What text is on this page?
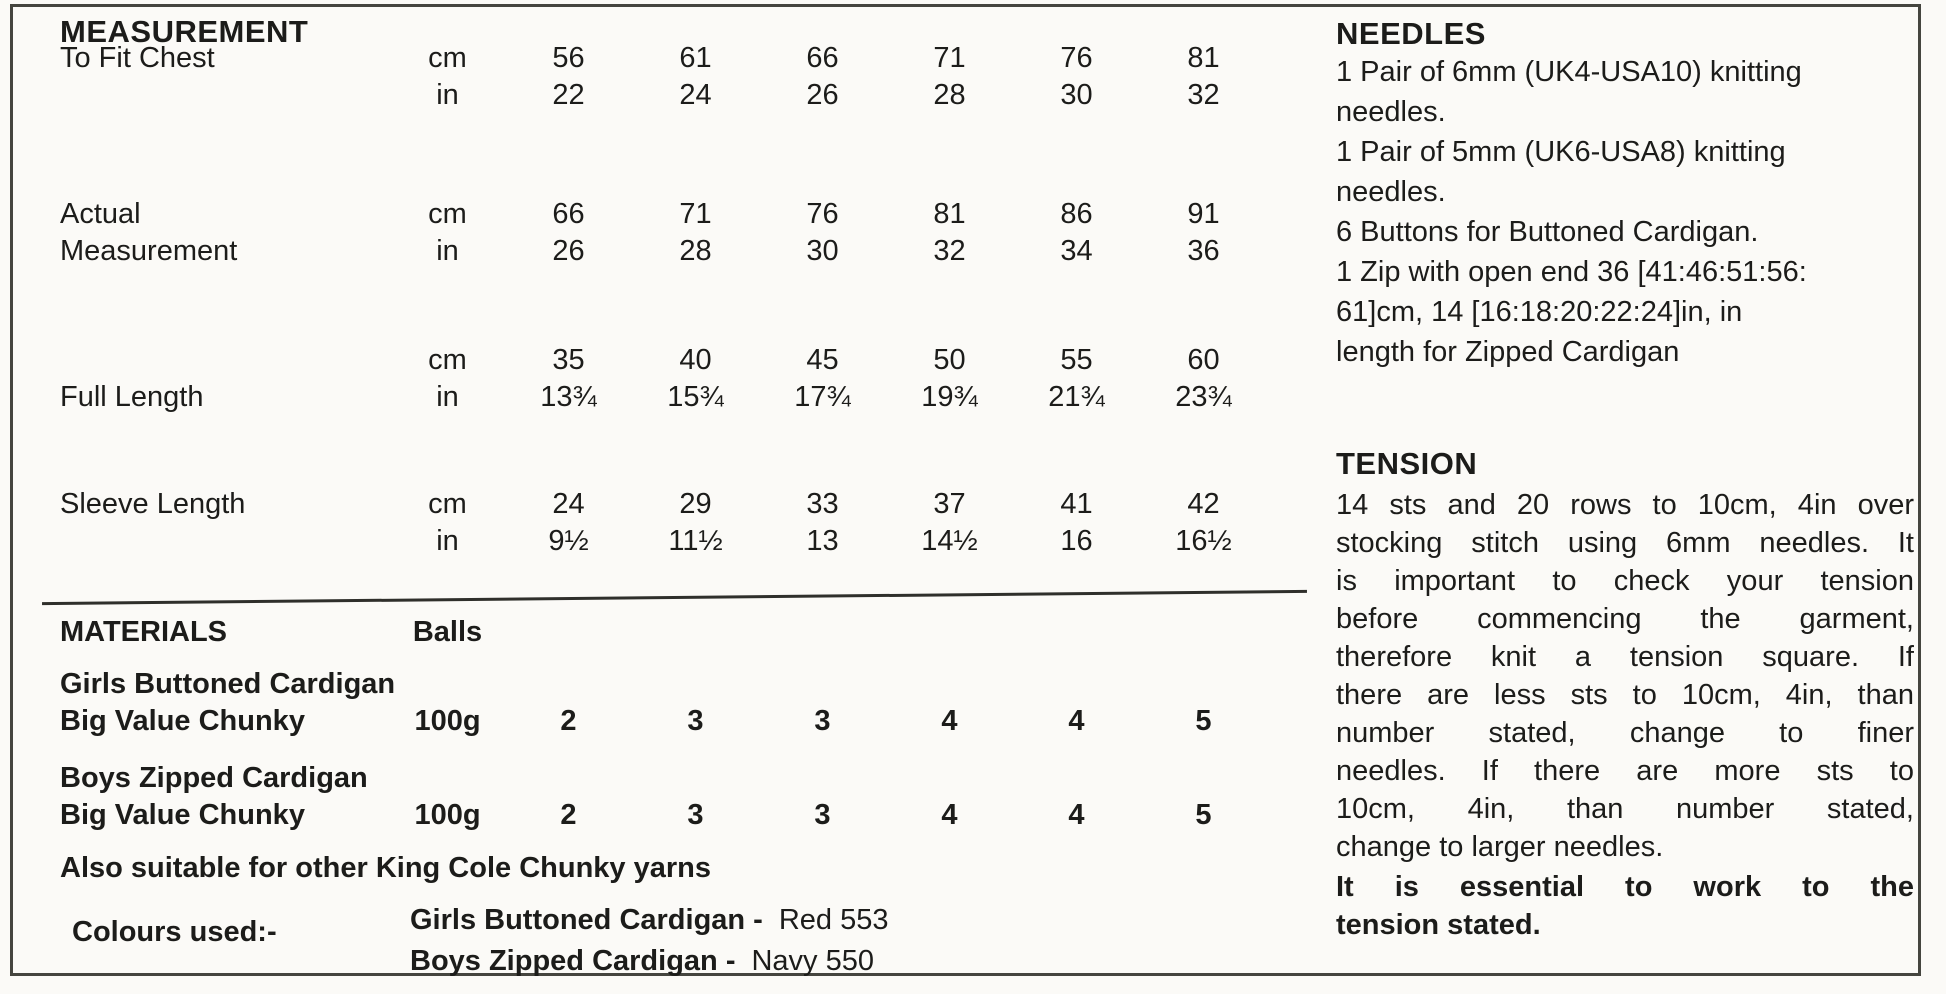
MEASUREMENT
To Fit Chest	cm	56	61	66	71	76	81
in	22	24	26	28	30	32
Actual
Measurement
cm	66	71	76	81	86	91
in	26	28	30	32	34	36
Full Length
cm	35	40	45	50	55	60
in	13¾	15¾	17¾	19¾	21¾	23¾
Sleeve Length	cm	24	29	33	37	41	42
in	9½	11½	13	14½	16	16½
MATERIALS	Balls
Girls Buttoned Cardigan
Big Value Chunky	100g	2	3	3	4	4	5
Boys Zipped Cardigan
Big Value Chunky	100g	2	3	3	4	4	5
Also suitable for other King Cole Chunky yarns
Colours used:-	Girls Buttoned Cardigan - Red 553
Boys Zipped Cardigan - Navy 550
NEEDLES
1 Pair of 6mm (UK4-USA10) knitting
needles.
1 Pair of 5mm (UK6-USA8) knitting
needles.
6 Buttons for Buttoned Cardigan.
1 Zip with open end 36 [41:46:51:56:
61]cm, 14 [16:18:20:22:24]in, in
length for Zipped Cardigan
TENSION
14 sts and 20 rows to 10cm, 4in over
stocking stitch using 6mm needles. It
is important to check your tension
before commencing the garment,
therefore knit a tension square. If
there are less sts to 10cm, 4in, than
number stated, change to finer
needles. If there are more sts to
10cm, 4in, than number stated,
change to larger needles.
It is essential to work to the
tension stated.
